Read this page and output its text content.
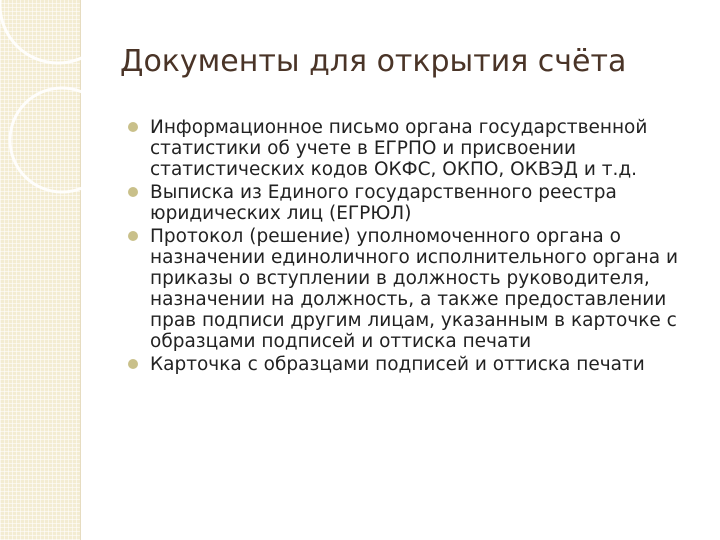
Документы для открытия счёта
Информационное письмо органа государственной статистики об учете в ЕГРПО и присвоении статистических кодов ОКФС, ОКПО, ОКВЭД и т.д.
Выписка из Единого государственного реестра юридических лиц (ЕГРЮЛ)
Протокол (решение) уполномоченного органа о назначении единоличного исполнительного органа и приказы о вступлении в должность руководителя, назначении на должность, а также предоставлении прав подписи другим лицам, указанным в карточке с образцами подписей и оттиска печати
Карточка с образцами подписей и оттиска печати
